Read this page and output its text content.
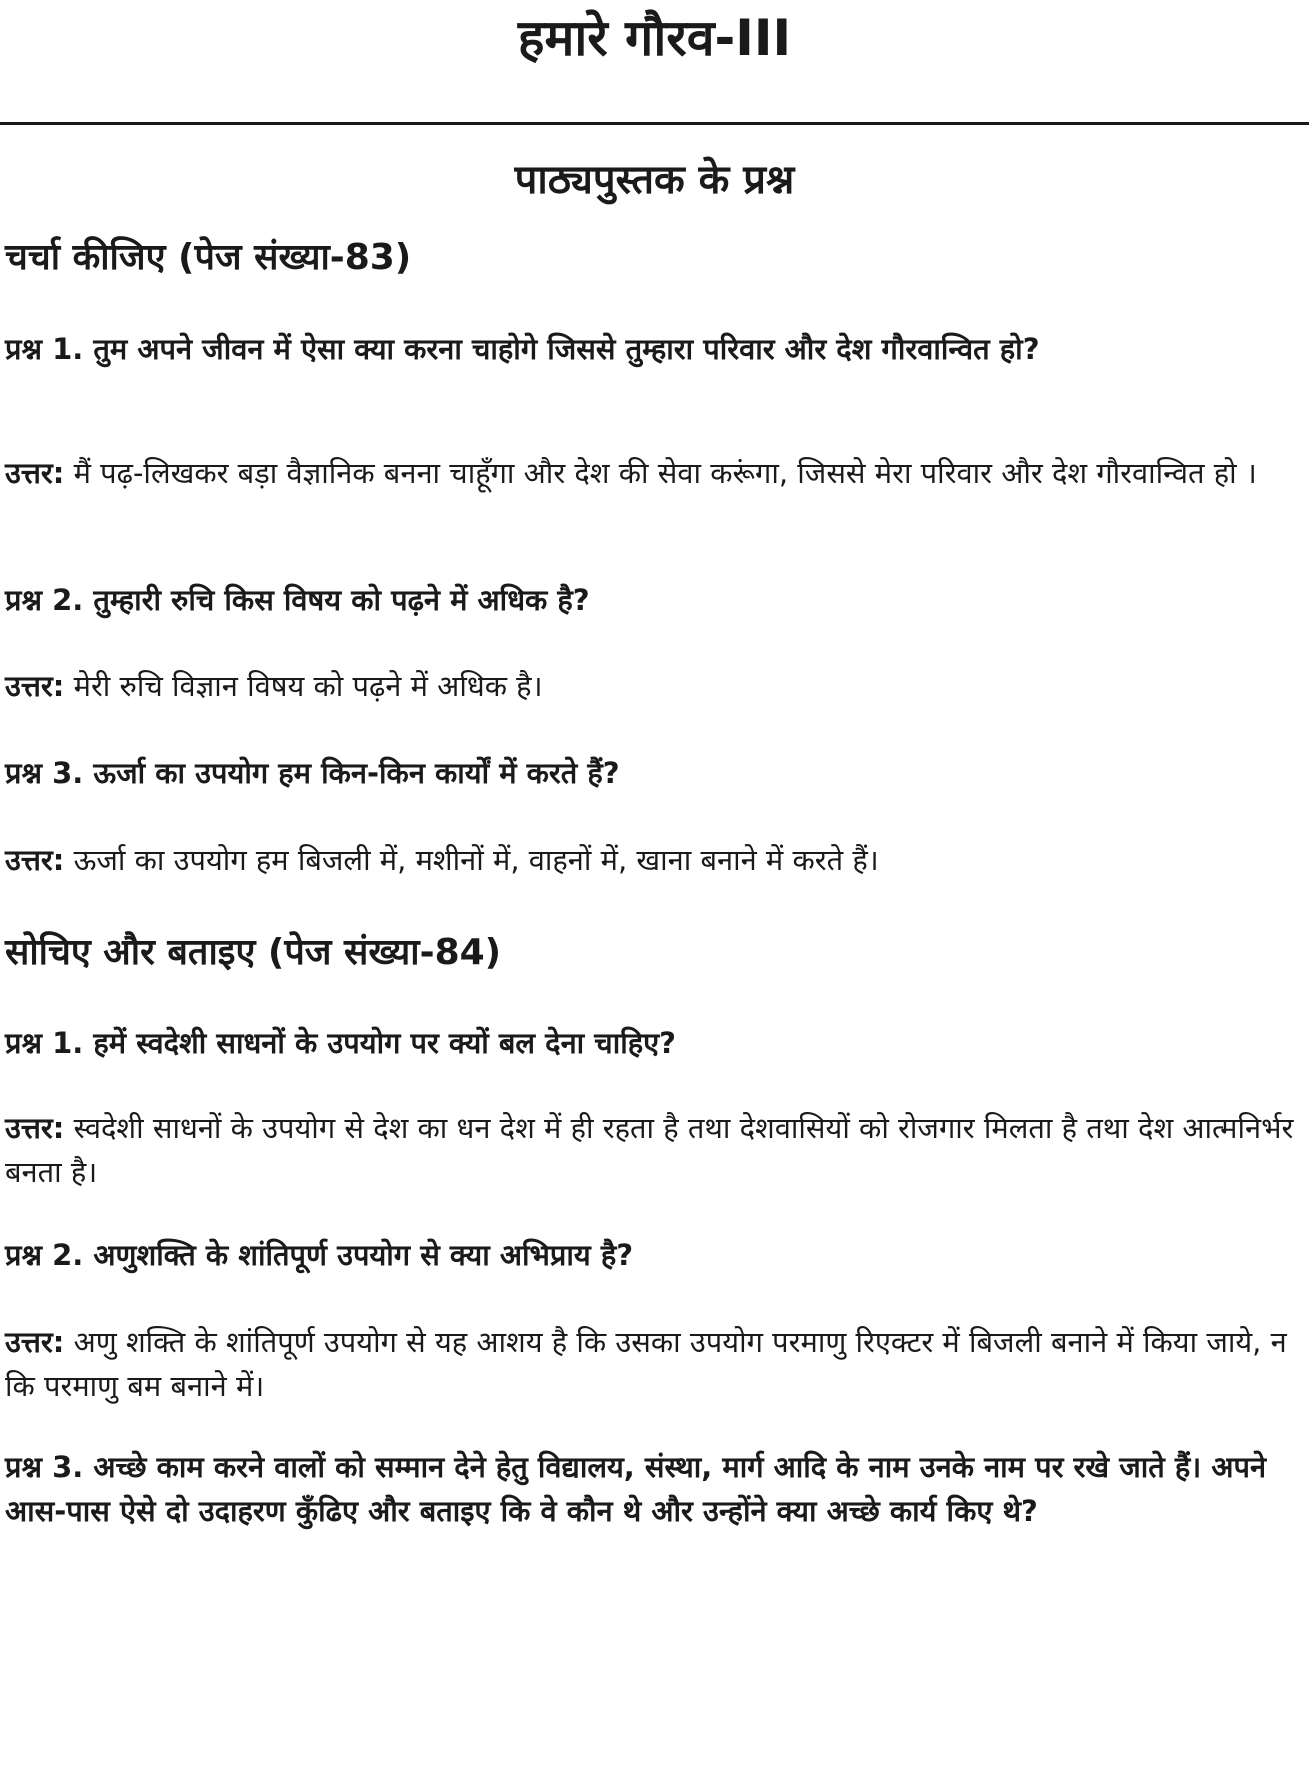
हमारे गौरव-III
पाठ्यपुस्तक के प्रश्न
चर्चा कीजिए (पेज संख्या-83)
प्रश्न 1. तुम अपने जीवन में ऐसा क्या करना चाहोगे जिससे तुम्हारा परिवार और देश गौरवान्वित हो?
उत्तर: मैं पढ़-लिखकर बड़ा वैज्ञानिक बनना चाहूँगा और देश की सेवा करूंगा, जिससे मेरा परिवार और देश गौरवान्वित हो ।
प्रश्न 2. तुम्हारी रुचि किस विषय को पढ़ने में अधिक है?
उत्तर: मेरी रुचि विज्ञान विषय को पढ़ने में अधिक है।
प्रश्न 3. ऊर्जा का उपयोग हम किन-किन कार्यों में करते हैं?
उत्तर: ऊर्जा का उपयोग हम बिजली में, मशीनों में, वाहनों में, खाना बनाने में करते हैं।
सोचिए और बताइए (पेज संख्या-84)
प्रश्न 1. हमें स्वदेशी साधनों के उपयोग पर क्यों बल देना चाहिए?
उत्तर: स्वदेशी साधनों के उपयोग से देश का धन देश में ही रहता है तथा देशवासियों को रोजगार मिलता है तथा देश आत्मनिर्भर बनता है।
प्रश्न 2. अणुशक्ति के शांतिपूर्ण उपयोग से क्या अभिप्राय है?
उत्तर: अणु शक्ति के शांतिपूर्ण उपयोग से यह आशय है कि उसका उपयोग परमाणु रिएक्टर में बिजली बनाने में किया जाये, न कि परमाणु बम बनाने में।
प्रश्न 3. अच्छे काम करने वालों को सम्मान देने हेतु विद्यालय, संस्था, मार्ग आदि के नाम उनके नाम पर रखे जाते हैं। अपने आस-पास ऐसे दो उदाहरण कुँढिए और बताइए कि वे कौन थे और उन्होंने क्या अच्छे कार्य किए थे?
